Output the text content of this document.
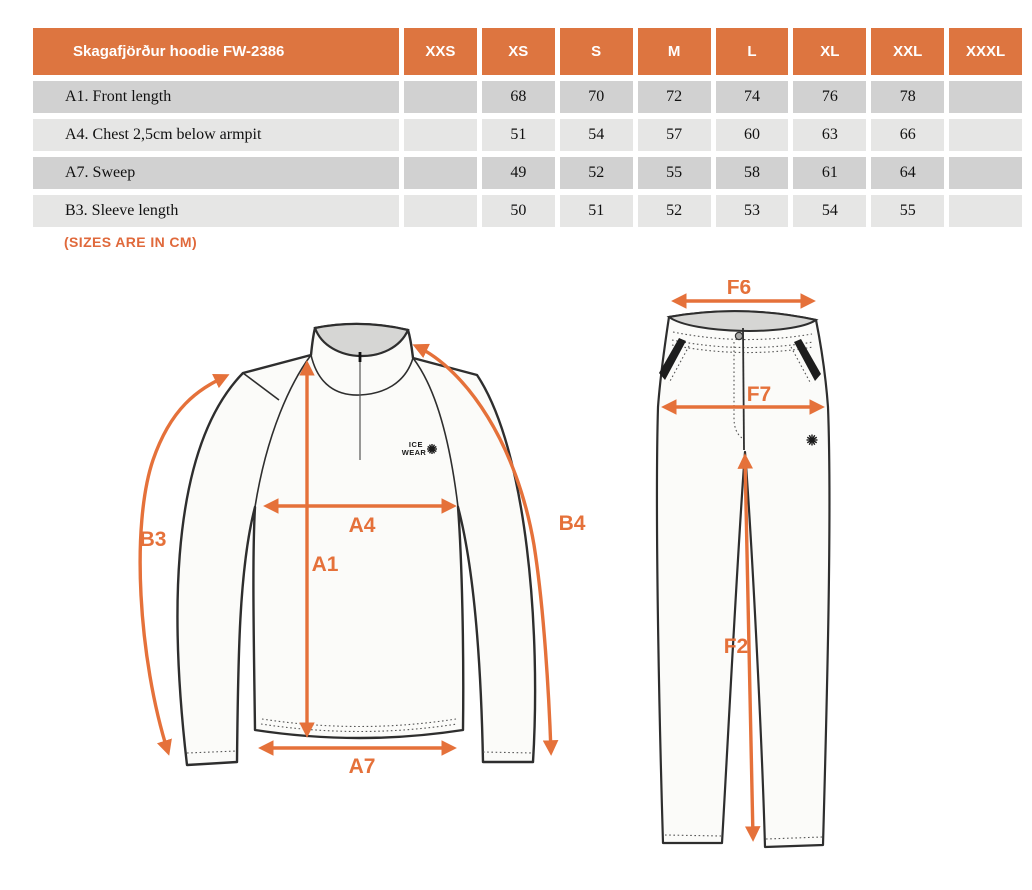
Skagafjörður hoodie FW-2386	XXS	XS	S	M	L	XL	XXL	XXXL
A1. Front length		68	70	72	74	76	78	
A4. Chest 2,5cm below armpit		51	54	57	60	63	66	
A7. Sweep		49	52	55	58	61	64	
B3. Sleeve length		50	51	52	53	54	55	
(SIZES ARE IN CM)
ICE
WEAR
A1
A4
A7
B3
B4
F6
F7
F2
